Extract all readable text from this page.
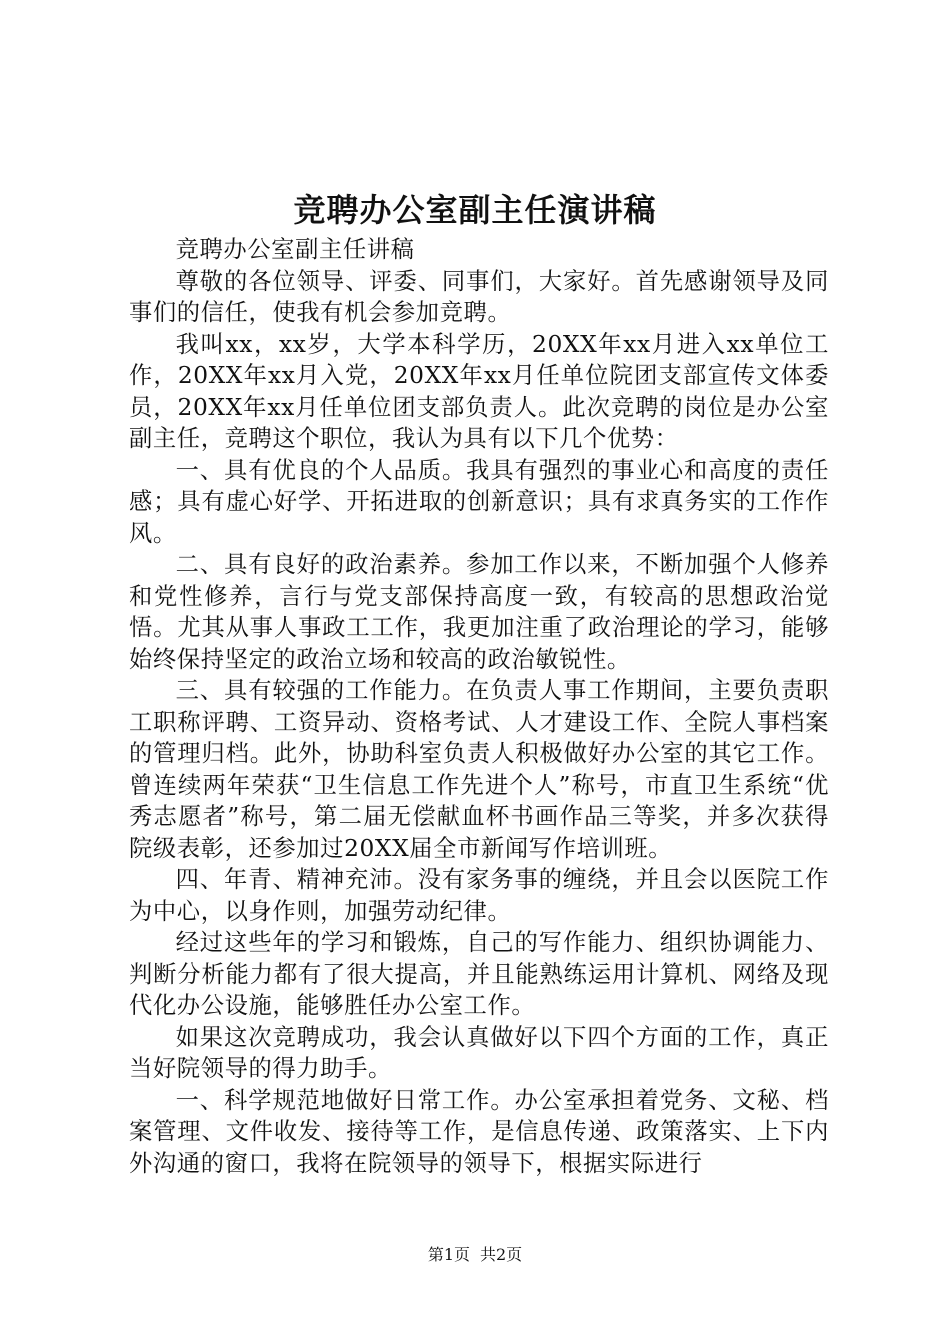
竞聘办公室副主任演讲稿

竞聘办公室副主任讲稿

尊敬的各位领导、评委、同事们，大家好。首先感谢领导及同事们的信任，使我有机会参加竞聘。

我叫xx，xx岁，大学本科学历，20XX年xx月进入xx单位工作，20XX年xx月入党，20XX年xx月任单位院团支部宣传文体委员，20XX年xx月任单位团支部负责人。此次竞聘的岗位是办公室副主任，竞聘这个职位，我认为具有以下几个优势：

一、具有优良的个人品质。我具有强烈的事业心和高度的责任感；具有虚心好学、开拓进取的创新意识；具有求真务实的工作作风。

二、具有良好的政治素养。参加工作以来，不断加强个人修养和党性修养，言行与党支部保持高度一致，有较高的思想政治觉悟。尤其从事人事政工工作，我更加注重了政治理论的学习，能够始终保持坚定的政治立场和较高的政治敏锐性。

三、具有较强的工作能力。在负责人事工作期间，主要负责职工职称评聘、工资异动、资格考试、人才建设工作、全院人事档案的管理归档。此外，协助科室负责人积极做好办公室的其它工作。曾连续两年荣获“卫生信息工作先进个人”称号，市直卫生系统“优秀志愿者”称号，第二届无偿献血杯书画作品三等奖，并多次获得院级表彰，还参加过20XX届全市新闻写作培训班。

四、年青、精神充沛。没有家务事的缠绕，并且会以医院工作为中心，以身作则，加强劳动纪律。

经过这些年的学习和锻炼，自己的写作能力、组织协调能力、判断分析能力都有了很大提高，并且能熟练运用计算机、网络及现代化办公设施，能够胜任办公室工作。

如果这次竞聘成功，我会认真做好以下四个方面的工作，真正当好院领导的得力助手。

一、科学规范地做好日常工作。办公室承担着党务、文秘、档案管理、文件收发、接待等工作，是信息传递、政策落实、上下内外沟通的窗口，我将在院领导的领导下，根据实际进行

第1页 共2页
